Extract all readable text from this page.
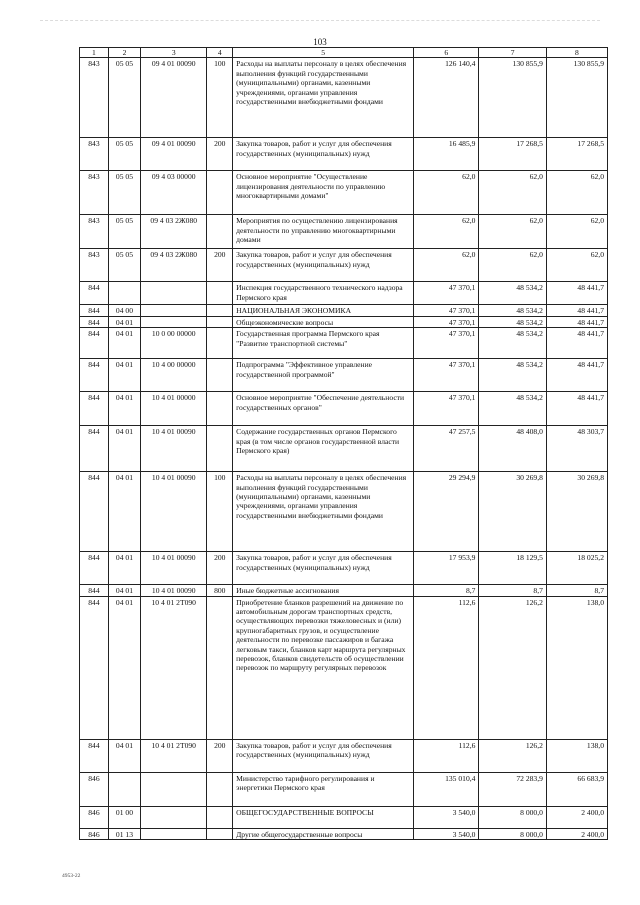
103
1	2	3	4	5	6	7	8
843	05 05	09 4 01 00090	100	Расходы на выплаты персоналу в целях обеспечения выполнения функций государственными (муниципальными) органами, казенными учреждениями, органами управления государственными внебюджетными фондами	126 140,4	130 855,9	130 855,9
843	05 05	09 4 01 00090	200	Закупка товаров, работ и услуг для обеспечения государственных (муниципальных) нужд	16 485,9	17 268,5	17 268,5
843	05 05	09 4 03 00000		Основное мероприятие "Осуществление лицензирования деятельности по управлению многоквартирными домами"	62,0	62,0	62,0
843	05 05	09 4 03 2Ж080		Мероприятия по осуществлению лицензирования деятельности по управлению многоквартирными домами	62,0	62,0	62,0
843	05 05	09 4 03 2Ж080	200	Закупка товаров, работ и услуг для обеспечения государственных (муниципальных) нужд	62,0	62,0	62,0
844				Инспекция государственного технического надзора Пермского края	47 370,1	48 534,2	48 441,7
844	04 00			НАЦИОНАЛЬНАЯ ЭКОНОМИКА	47 370,1	48 534,2	48 441,7
844	04 01			Общеэкономические вопросы	47 370,1	48 534,2	48 441,7
844	04 01	10 0 00 00000		Государственная программа Пермского края "Развитие транспортной системы"	47 370,1	48 534,2	48 441,7
844	04 01	10 4 00 00000		Подпрограмма "Эффективное управление государственной программой"	47 370,1	48 534,2	48 441,7
844	04 01	10 4 01 00000		Основное мероприятие "Обеспечение деятельности государственных органов"	47 370,1	48 534,2	48 441,7
844	04 01	10 4 01 00090		Содержание государственных органов Пермского края (в том числе органов государственной власти Пермского края)	47 257,5	48 408,0	48 303,7
844	04 01	10 4 01 00090	100	Расходы на выплаты персоналу в целях обеспечения выполнения функций государственными (муниципальными) органами, казенными учреждениями, органами управления государственными внебюджетными фондами	29 294,9	30 269,8	30 269,8
844	04 01	10 4 01 00090	200	Закупка товаров, работ и услуг для обеспечения государственных (муниципальных) нужд	17 953,9	18 129,5	18 025,2
844	04 01	10 4 01 00090	800	Иные бюджетные ассигнования	8,7	8,7	8,7
844	04 01	10 4 01 2Т090		Приобретение бланков разрешений на движение по автомобильным дорогам транспортных средств, осуществляющих перевозки тяжеловесных и (или) крупногабаритных грузов, и осуществление деятельности по перевозке пассажиров и багажа легковым такси, бланков карт маршрута регулярных перевозок, бланков свидетельств об осуществлении перевозок по маршруту регулярных перевозок	112,6	126,2	138,0
844	04 01	10 4 01 2Т090	200	Закупка товаров, работ и услуг для обеспечения государственных (муниципальных) нужд	112,6	126,2	138,0
846				Министерство тарифного регулирования и энергетики Пермского края	135 010,4	72 283,9	66 683,9
846	01 00			ОБЩЕГОСУДАРСТВЕННЫЕ ВОПРОСЫ	3 540,0	8 000,0	2 400,0
846	01 13			Другие общегосударственные вопросы	3 540,0	8 000,0	2 400,0
4953-22
